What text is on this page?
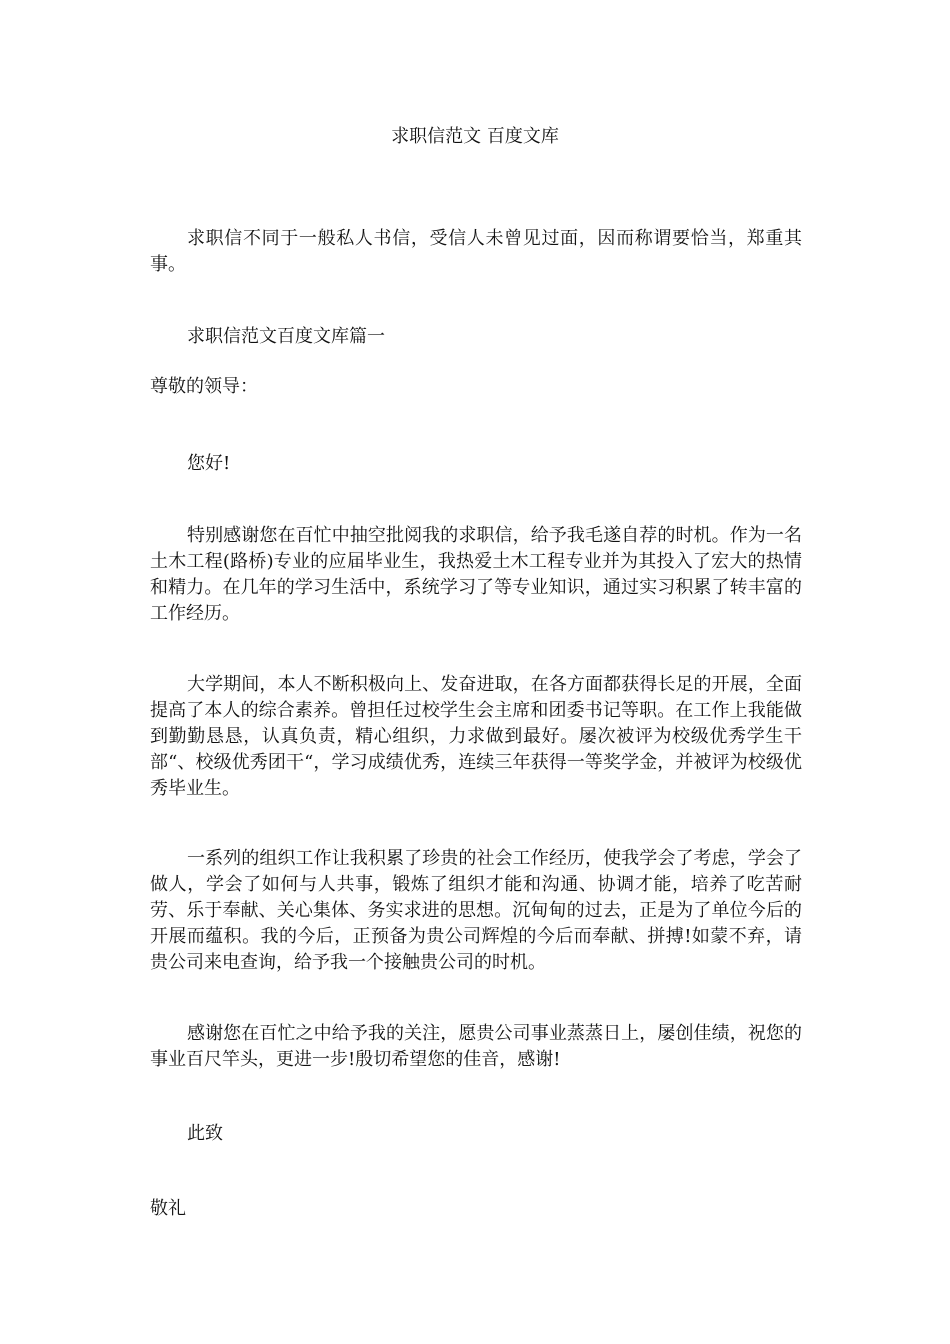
求职信范文 百度文库

求职信不同于一般私人书信，受信人未曾见过面，因而称谓要恰当，郑重其事。

求职信范文百度文库篇一

尊敬的领导：

您好!

特别感谢您在百忙中抽空批阅我的求职信，给予我毛遂自荐的时机。作为一名土木工程(路桥)专业的应届毕业生，我热爱土木工程专业并为其投入了宏大的热情和精力。在几年的学习生活中，系统学习了等专业知识，通过实习积累了转丰富的工作经历。

大学期间，本人不断积极向上、发奋进取，在各方面都获得长足的开展，全面提高了本人的综合素养。曾担任过校学生会主席和团委书记等职。在工作上我能做到勤勤恳恳，认真负责，精心组织，力求做到最好。屡次被评为校级优秀学生干部“、校级优秀团干“，学习成绩优秀，连续三年获得一等奖学金，并被评为校级优秀毕业生。

一系列的组织工作让我积累了珍贵的社会工作经历，使我学会了考虑，学会了做人，学会了如何与人共事，锻炼了组织才能和沟通、协调才能，培养了吃苦耐劳、乐于奉献、关心集体、务实求进的思想。沉甸甸的过去，正是为了单位今后的开展而蕴积。我的今后，正预备为贵公司辉煌的今后而奉献、拼搏!如蒙不弃，请贵公司来电查询，给予我一个接触贵公司的时机。

感谢您在百忙之中给予我的关注，愿贵公司事业蒸蒸日上，屡创佳绩，祝您的事业百尺竿头，更进一步!殷切希望您的佳音，感谢!

此致

敬礼
